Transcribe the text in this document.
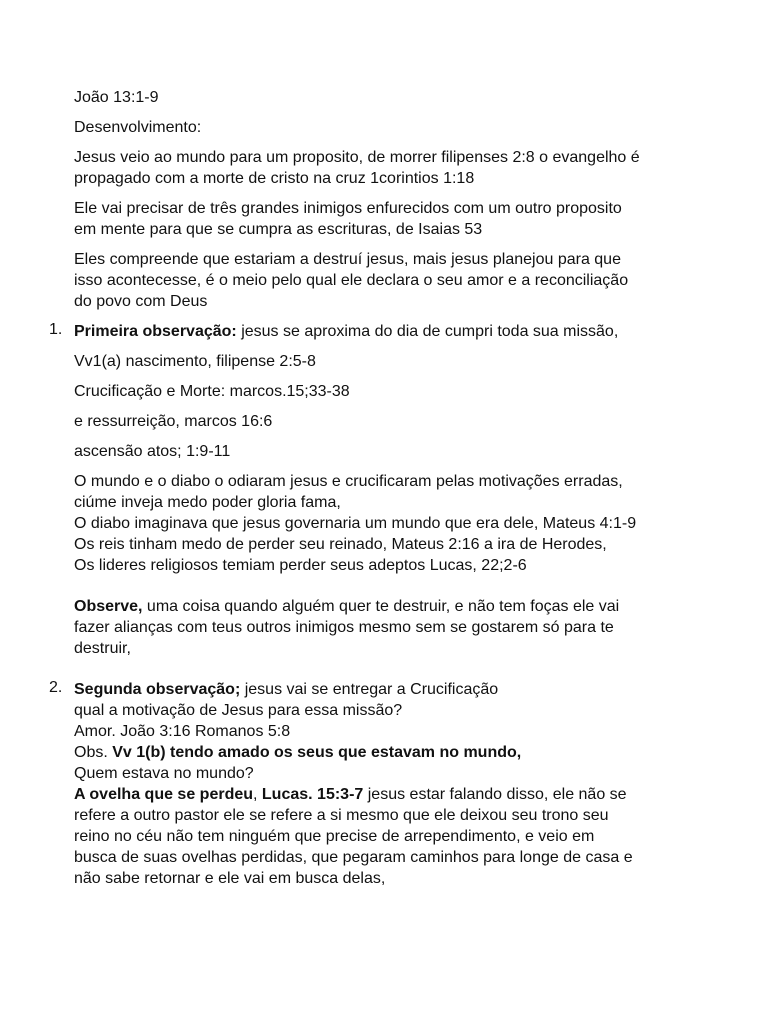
João 13:1-9
Desenvolvimento:
Jesus veio ao mundo para um proposito, de morrer filipenses 2:8 o evangelho é
propagado com a morte de cristo na cruz 1corintios 1:18
Ele vai precisar de três grandes inimigos enfurecidos com um outro proposito
em mente para que se cumpra as escrituras, de Isaias 53
Eles compreende que estariam a destruí jesus, mais jesus planejou para que
isso acontecesse, é o meio pelo qual ele declara o seu amor e a reconciliação
do povo com Deus
1. Primeira observação: jesus se aproxima do dia de cumpri toda sua missão,
Vv1(a) nascimento, filipense 2:5-8
Crucificação e Morte: marcos.15;33-38
e ressurreição, marcos 16:6
ascensão atos; 1:9-11
O mundo e o diabo o odiaram jesus e crucificaram pelas motivações erradas,
ciúme inveja medo poder gloria fama,
O diabo imaginava que jesus governaria um mundo que era dele, Mateus 4:1-9
Os reis tinham medo de perder seu reinado, Mateus 2:16 a ira de Herodes,
Os lideres religiosos temiam perder seus adeptos Lucas, 22;2-6
Observe, uma coisa quando alguém quer te destruir, e não tem foças ele vai
fazer alianças com teus outros inimigos mesmo sem se gostarem só para te
destruir,
2. Segunda observação; jesus vai se entregar a Crucificação
qual a motivação de Jesus para essa missão?
Amor. João 3:16 Romanos 5:8
Obs. Vv 1(b) tendo amado os seus que estavam no mundo,
Quem estava no mundo?
A ovelha que se perdeu, Lucas. 15:3-7 jesus estar falando disso, ele não se
refere a outro pastor ele se refere a si mesmo que ele deixou seu trono seu
reino no céu não tem ninguém que precise de arrependimento, e veio em
busca de suas ovelhas perdidas, que pegaram caminhos para longe de casa e
não sabe retornar e ele vai em busca delas,
